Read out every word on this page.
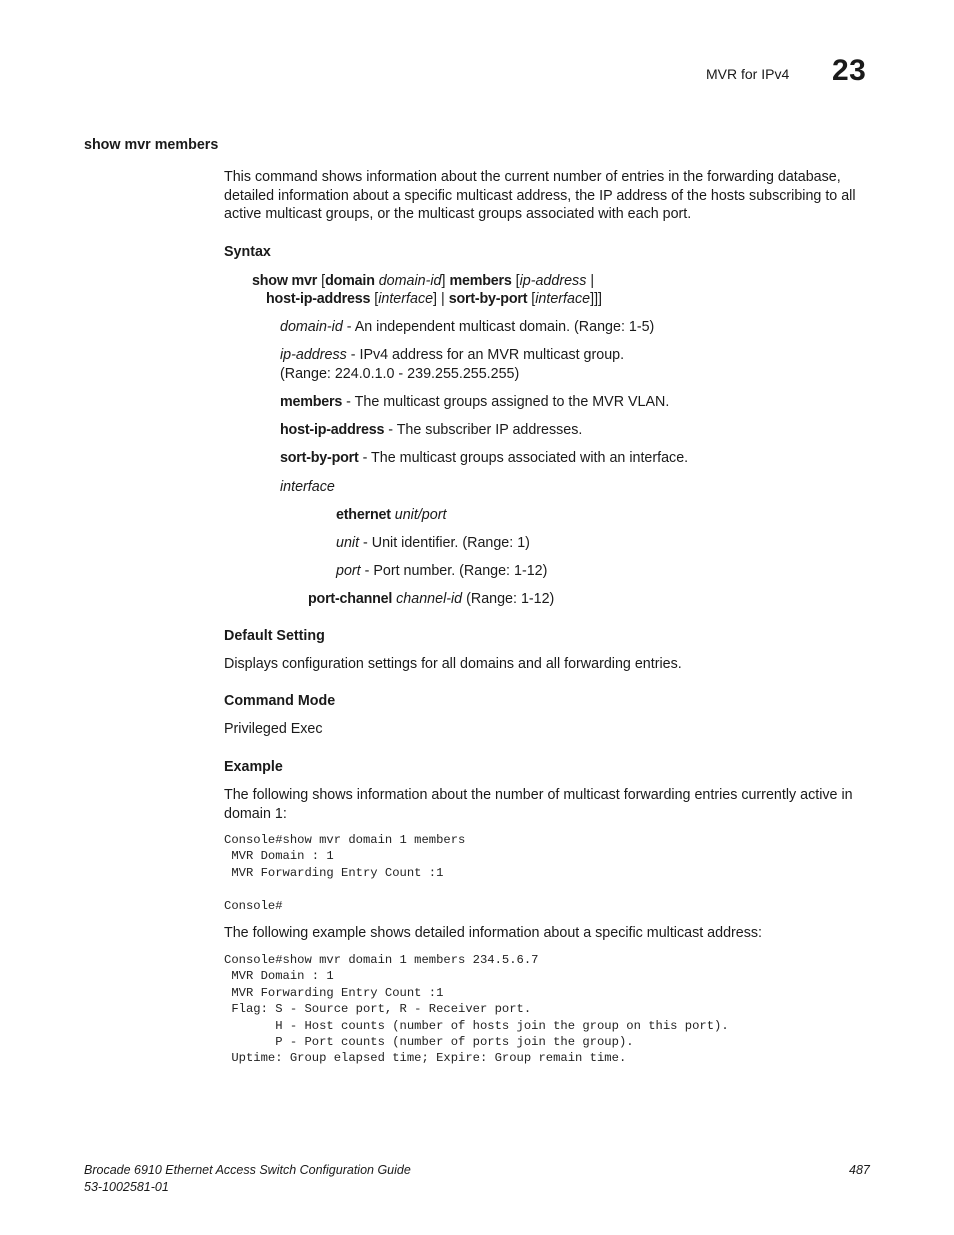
MVR for IPv4 23
show mvr members
This command shows information about the current number of entries in the forwarding database, detailed information about a specific multicast address, the IP address of the hosts subscribing to all active multicast groups, or the multicast groups associated with each port.
Syntax
show mvr [domain domain-id] members [ip-address |
host-ip-address [interface] | sort-by-port [interface]]]
domain-id - An independent multicast domain. (Range: 1-5)
ip-address - IPv4 address for an MVR multicast group.
(Range: 224.0.1.0 - 239.255.255.255)
members - The multicast groups assigned to the MVR VLAN.
host-ip-address - The subscriber IP addresses.
sort-by-port - The multicast groups associated with an interface.
interface
ethernet unit/port
unit - Unit identifier. (Range: 1)
port - Port number. (Range: 1-12)
port-channel channel-id (Range: 1-12)
Default Setting
Displays configuration settings for all domains and all forwarding entries.
Command Mode
Privileged Exec
Example
The following shows information about the number of multicast forwarding entries currently active in domain 1:
Console#show mvr domain 1 members
MVR Domain : 1
MVR Forwarding Entry Count :1

Console#
The following example shows detailed information about a specific multicast address:
Console#show mvr domain 1 members 234.5.6.7
MVR Domain : 1
MVR Forwarding Entry Count :1
Flag: S - Source port, R - Receiver port.
H - Host counts (number of hosts join the group on this port).
P - Port counts (number of ports join the group).
Uptime: Group elapsed time; Expire: Group remain time.
Brocade 6910 Ethernet Access Switch Configuration Guide
53-1002581-01
487
